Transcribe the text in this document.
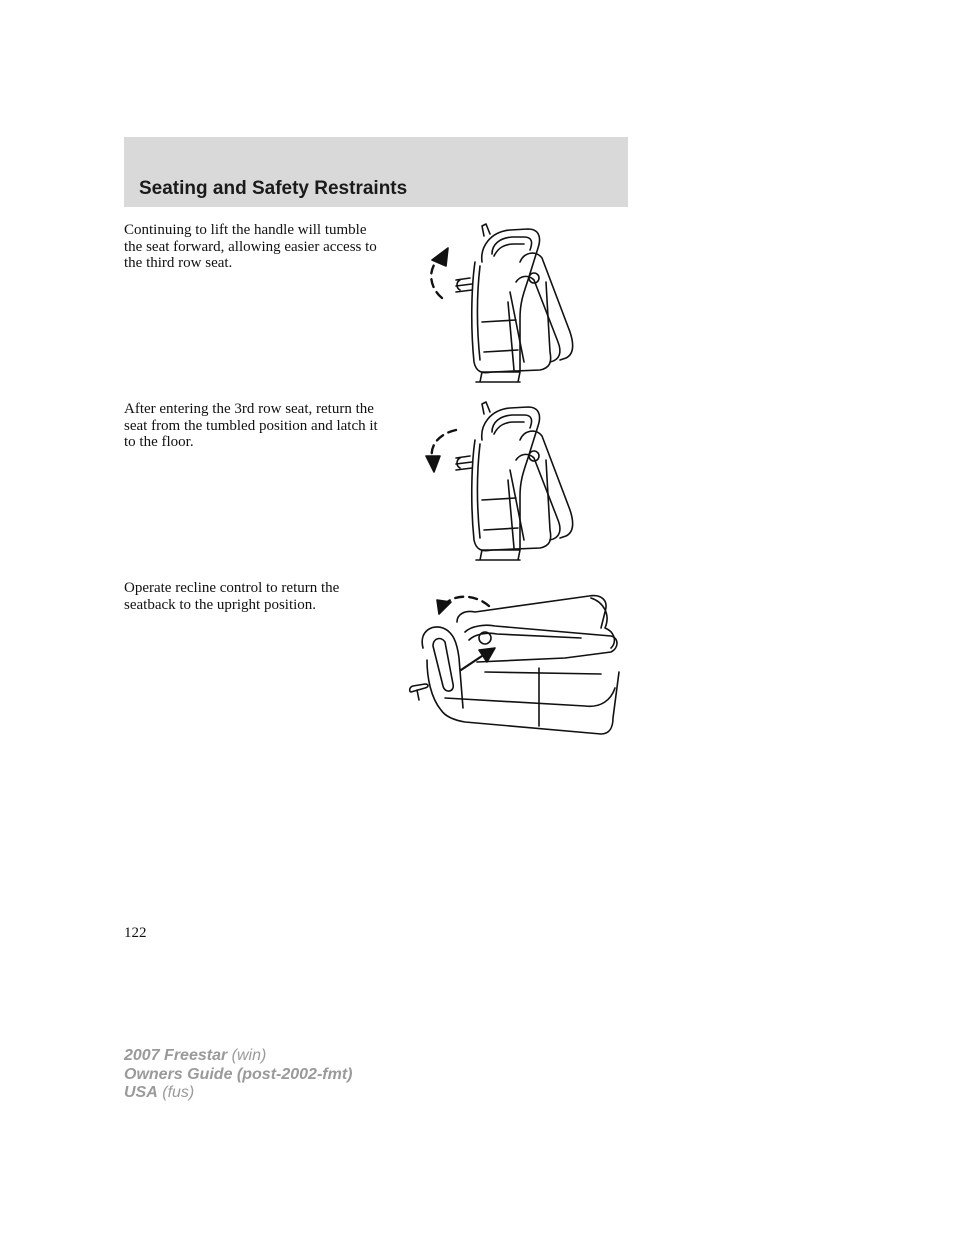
Seating and Safety Restraints

Continuing to lift the handle will tumble the seat forward, allowing easier access to the third row seat.

After entering the 3rd row seat, return the seat from the tumbled position and latch it to the floor.

Operate recline control to return the seatback to the upright position.

122
2007 Freestar (win)
Owners Guide (post-2002-fmt)
USA (fus)
